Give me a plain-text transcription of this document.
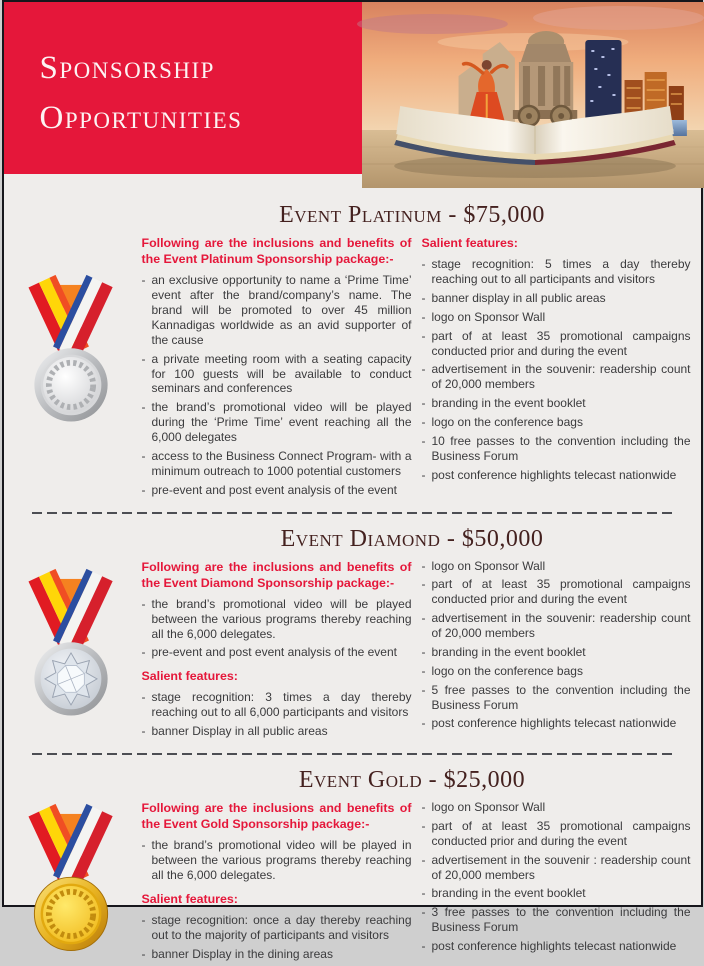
Sponsorship
Opportunities
Event Platinum - $75,000

Following are the inclusions and benefits of the Event Platinum Sponsorship package:-

- an exclusive opportunity to name a ‘Prime Time’ event after the brand/company’s name. The brand will be promoted to over 45 million Kannadigas worldwide as an avid supporter of the cause
- a private meeting room with a seating capacity for 100 guests will be available to conduct seminars and conferences
- the brand’s promotional video will be played during the ‘Prime Time’ event reaching all the 6,000 delegates
- access to the Business Connect Program- with a minimum outreach to 1000 potential customers
- pre-event and post event analysis of the event

Salient features:

- stage recognition: 5 times a day thereby reaching out to all participants and visitors
- banner display in all public areas
- logo on Sponsor Wall
- part of at least 35 promotional campaigns conducted prior and during the event
- advertisement in the souvenir: readership count of 20,000 members
- branding in the event booklet
- logo on the conference bags
- 10 free passes to the convention including the Business Forum
- post conference highlights telecast nationwide
Event Diamond - $50,000

Following are the inclusions and benefits of the Event Diamond Sponsorship package:-

- the brand’s promotional video will be played between the various programs thereby reaching all the 6,000 delegates.
- pre-event and post event analysis of the event

Salient features:

- stage recognition: 3 times a day thereby reaching out to all 6,000 participants and visitors
- banner Display in all public areas
- logo on Sponsor Wall
- part of at least 35 promotional campaigns conducted prior and during the event
- advertisement in the souvenir: readership count of 20,000 members
- branding in the event booklet
- logo on the conference bags
- 5 free passes to the convention including the Business Forum
- post conference highlights telecast nationwide
Event Gold - $25,000

Following are the inclusions and benefits of the Event Gold Sponsorship package:-

- the brand’s promotional video will be played in between the various programs thereby reaching all the 6,000 delegates.

Salient features:

- stage recognition: once a day thereby reaching out to the majority of participants and visitors
- banner Display in the dining areas
- logo on Sponsor Wall
- part of at least 35 promotional campaigns conducted prior and during the event
- advertisement in the souvenir : readership count of 20,000 members
- branding in the event booklet
- 3 free passes to the convention including the Business Forum
- post conference highlights telecast nationwide
